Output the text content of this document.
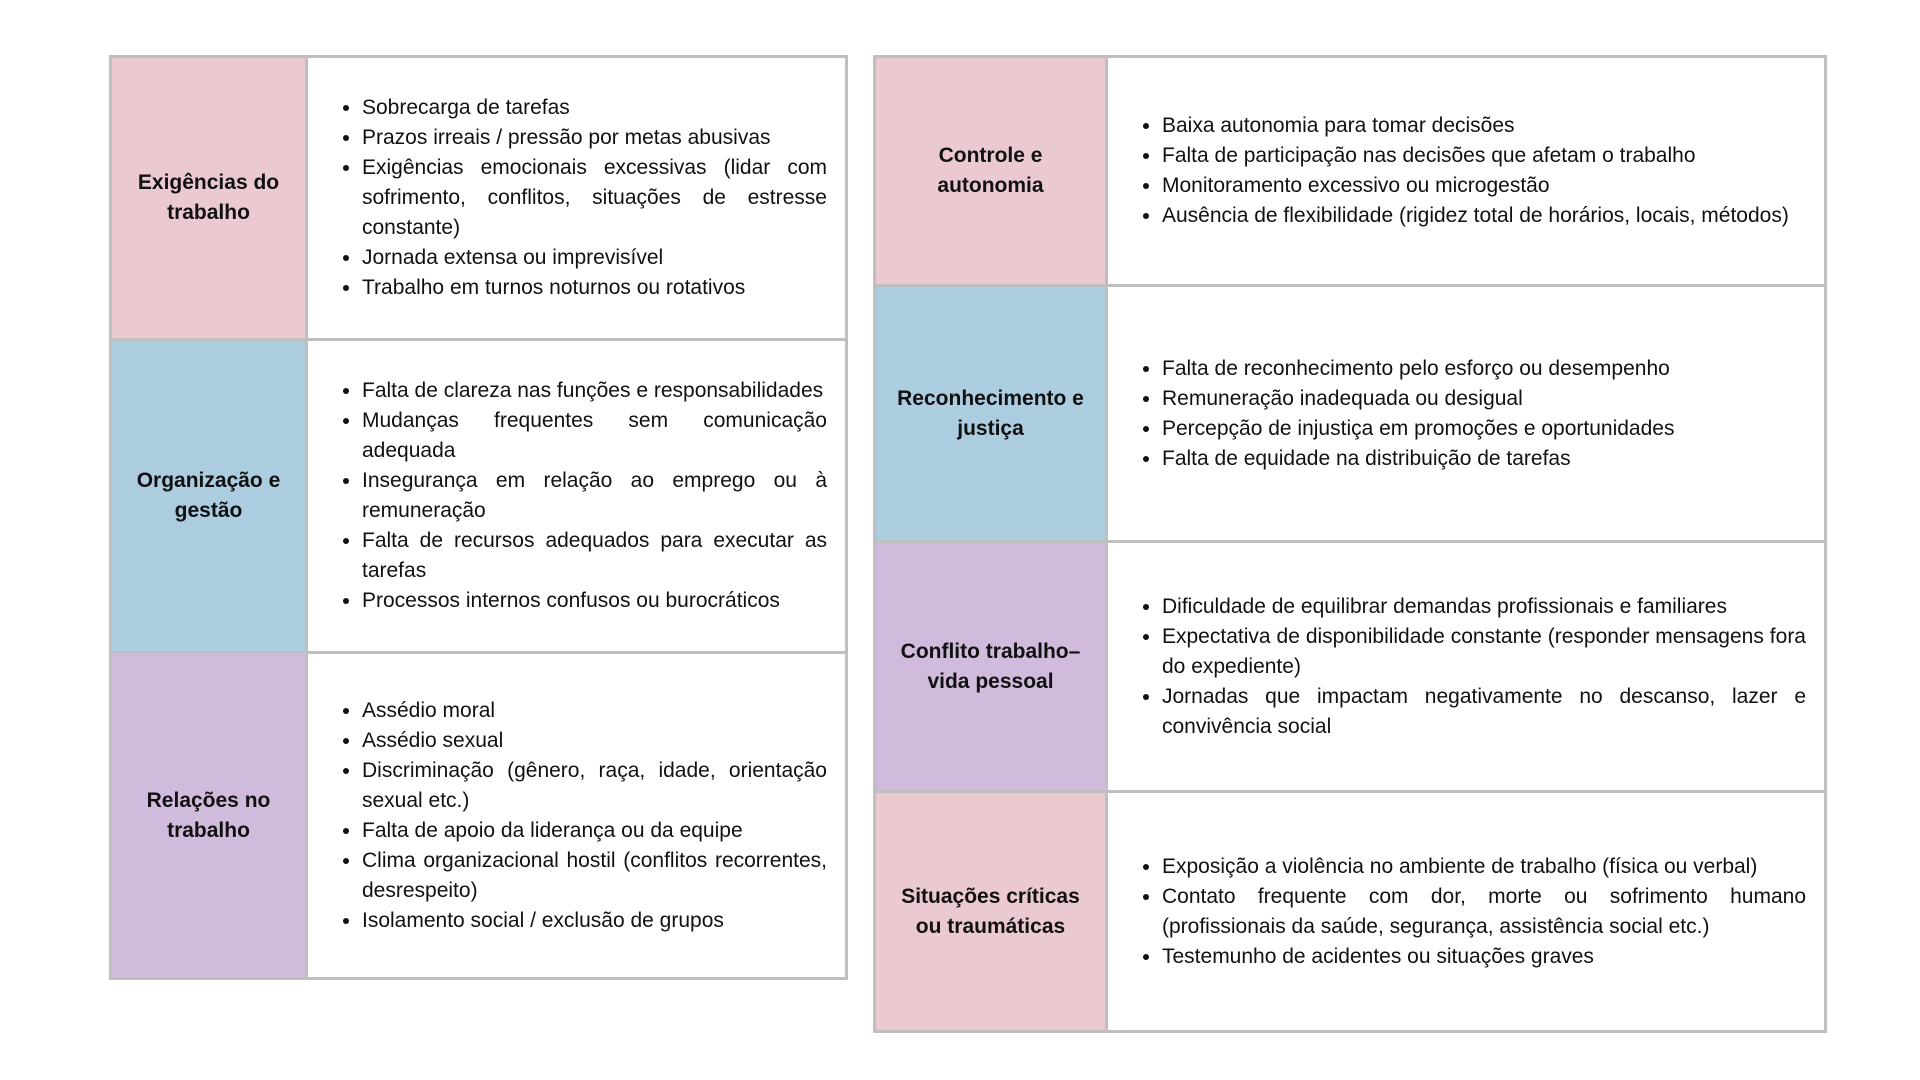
Exigências do trabalho
• Sobrecarga de tarefas
• Prazos irreais / pressão por metas abusivas
• Exigências emocionais excessivas (lidar com sofrimento, conflitos, situações de estresse constante)
• Jornada extensa ou imprevisível
• Trabalho em turnos noturnos ou rotativos
Organização e gestão
• Falta de clareza nas funções e responsabilidades
• Mudanças frequentes sem comunicação adequada
• Insegurança em relação ao emprego ou à remuneração
• Falta de recursos adequados para executar as tarefas
• Processos internos confusos ou burocráticos
Relações no trabalho
• Assédio moral
• Assédio sexual
• Discriminação (gênero, raça, idade, orientação sexual etc.)
• Falta de apoio da liderança ou da equipe
• Clima organizacional hostil (conflitos recorrentes, desrespeito)
• Isolamento social / exclusão de grupos
Controle e autonomia
• Baixa autonomia para tomar decisões
• Falta de participação nas decisões que afetam o trabalho
• Monitoramento excessivo ou microgestão
• Ausência de flexibilidade (rigidez total de horários, locais, métodos)
Reconhecimento e justiça
• Falta de reconhecimento pelo esforço ou desempenho
• Remuneração inadequada ou desigual
• Percepção de injustiça em promoções e oportunidades
• Falta de equidade na distribuição de tarefas
Conflito trabalho–vida pessoal
• Dificuldade de equilibrar demandas profissionais e familiares
• Expectativa de disponibilidade constante (responder mensagens fora do expediente)
• Jornadas que impactam negativamente no descanso, lazer e convivência social
Situações críticas ou traumáticas
• Exposição a violência no ambiente de trabalho (física ou verbal)
• Contato frequente com dor, morte ou sofrimento humano (profissionais da saúde, segurança, assistência social etc.)
• Testemunho de acidentes ou situações graves
